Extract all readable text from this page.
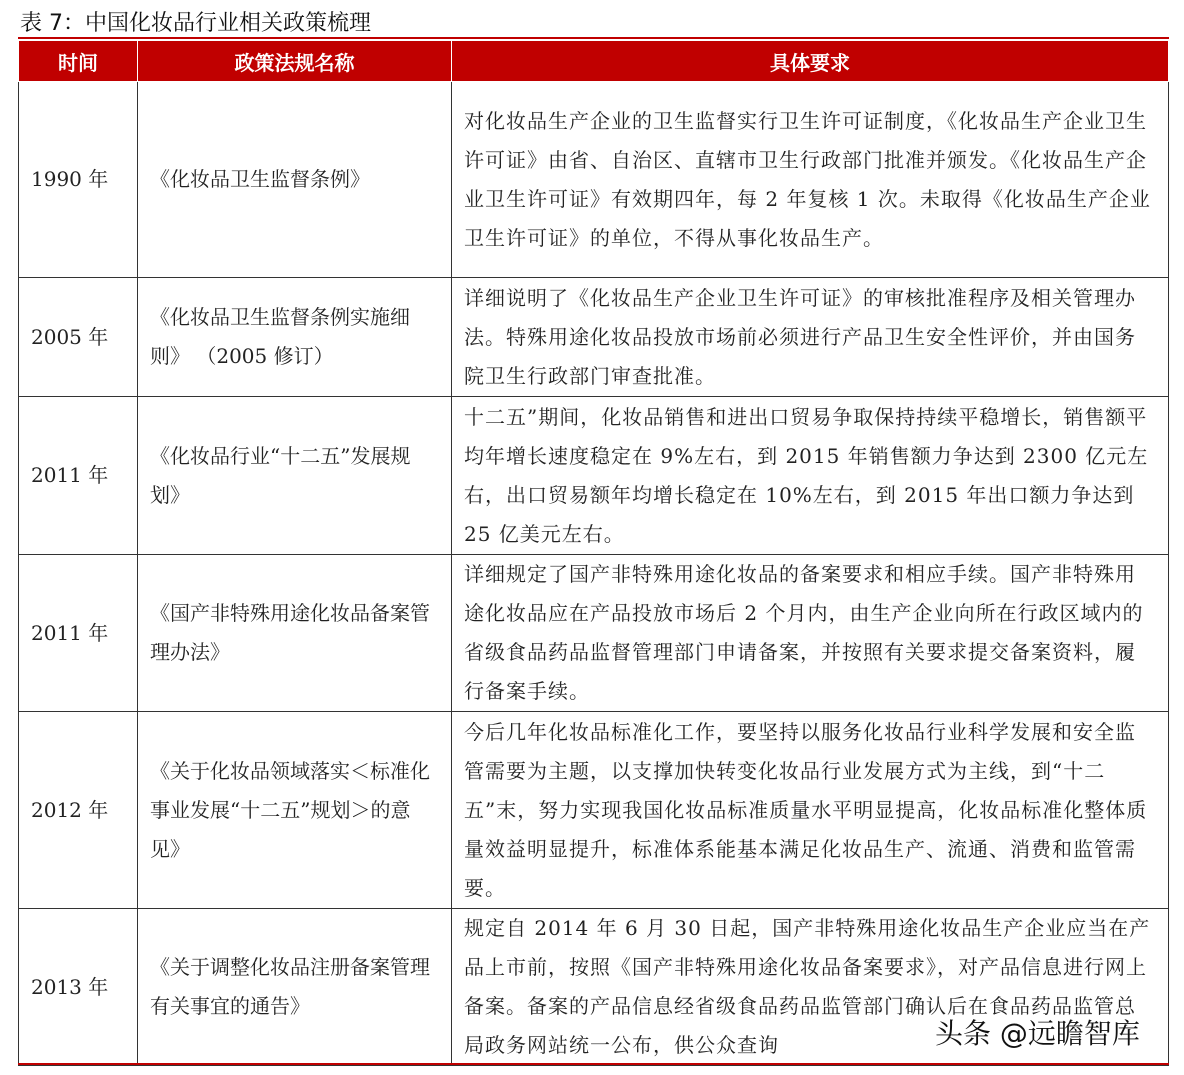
表 7：中国化妆品行业相关政策梳理
时间	政策法规名称	具体要求
1990 年	《化妆品卫生监督条例》	对化妆品生产企业的卫生监督实行卫生许可证制度，《化妆品生产企业卫生许可证》由省、自治区、直辖市卫生行政部门批准并颁发。《化妆品生产企业卫生许可证》有效期四年，每 2 年复核 1 次。未取得《化妆品生产企业卫生许可证》的单位，不得从事化妆品生产。
2005 年	《化妆品卫生监督条例实施细则》 （2005 修订）	详细说明了《化妆品生产企业卫生许可证》的审核批准程序及相关管理办法。特殊用途化妆品投放市场前必须进行产品卫生安全性评价，并由国务院卫生行政部门审查批准。
2011 年	《化妆品行业“十二五”发展规划》	十二五”期间，化妆品销售和进出口贸易争取保持持续平稳增长，销售额平均年增长速度稳定在 9%左右，到 2015 年销售额力争达到 2300 亿元左右，出口贸易额年均增长稳定在 10%左右，到 2015 年出口额力争达到 25 亿美元左右。
2011 年	《国产非特殊用途化妆品备案管理办法》	详细规定了国产非特殊用途化妆品的备案要求和相应手续。国产非特殊用途化妆品应在产品投放市场后 2 个月内，由生产企业向所在行政区域内的省级食品药品监督管理部门申请备案，并按照有关要求提交备案资料，履行备案手续。
2012 年	《关于化妆品领域落实＜标准化 事业发展“十二五”规划＞的意见》	今后几年化妆品标准化工作，要坚持以服务化妆品行业科学发展和安全监管需要为主题，以支撑加快转变化妆品行业发展方式为主线，到“十二五”末，努力实现我国化妆品标准质量水平明显提高，化妆品标准化整体质量效益明显提升，标准体系能基本满足化妆品生产、流通、消费和监管需要。
2013 年	《关于调整化妆品注册备案管理有关事宜的通告》	规定自 2014 年 6 月 30 日起，国产非特殊用途化妆品生产企业应当在产品上市前，按照《国产非特殊用途化妆品备案要求》，对产品信息进行网上备案。备案的产品信息经省级食品药品监管部门确认后在食品药品监管总局政务网站统一公布，供公众查询	头条 @远瞻智库
